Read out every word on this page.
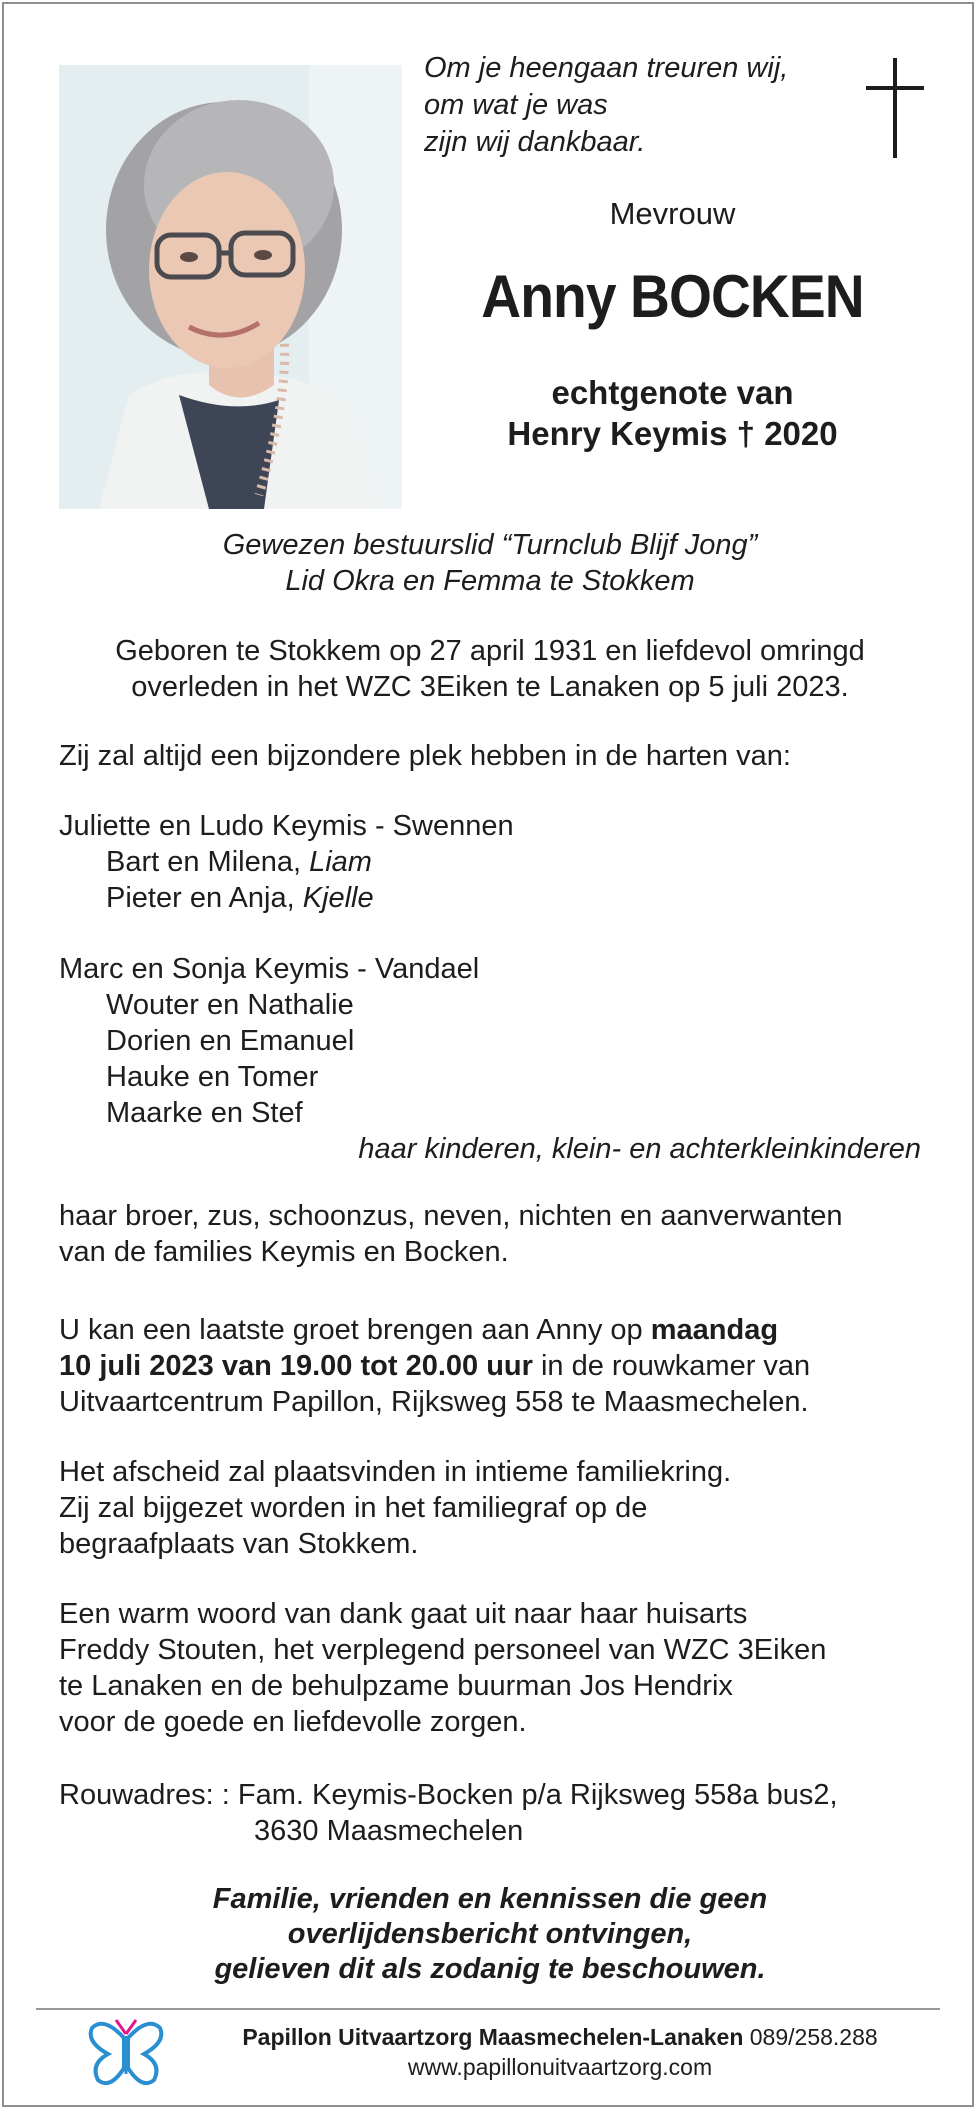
Om je heengaan treuren wij,
om wat je was
zijn wij dankbaar.
Mevrouw
Anny BOCKEN
echtgenote van
Henry Keymis † 2020
Gewezen bestuurslid “Turnclub Blijf Jong”
Lid Okra en Femma te Stokkem
Geboren te Stokkem op 27 april 1931 en liefdevol omringd
overleden in het WZC 3Eiken te Lanaken op 5 juli 2023.
Zij zal altijd een bijzondere plek hebben in de harten van:
Juliette en Ludo Keymis - Swennen
Bart en Milena, Liam
Pieter en Anja, Kjelle
Marc en Sonja Keymis - Vandael
Wouter en Nathalie
Dorien en Emanuel
Hauke en Tomer
Maarke en Stef
haar kinderen, klein- en achterkleinkinderen
haar broer, zus, schoonzus, neven, nichten en aanverwanten
van de families Keymis en Bocken.
U kan een laatste groet brengen aan Anny op maandag
10 juli 2023 van 19.00 tot 20.00 uur in de rouwkamer van
Uitvaartcentrum Papillon, Rijksweg 558 te Maasmechelen.
Het afscheid zal plaatsvinden in intieme familiekring.
Zij zal bijgezet worden in het familiegraf op de
begraafplaats van Stokkem.
Een warm woord van dank gaat uit naar haar huisarts
Freddy Stouten, het verplegend personeel van WZC 3Eiken
te Lanaken en de behulpzame buurman Jos Hendrix
voor de goede en liefdevolle zorgen.
Rouwadres: : Fam. Keymis-Bocken p/a Rijksweg 558a bus2,
3630 Maasmechelen
Familie, vrienden en kennissen die geen
overlijdensbericht ontvingen,
gelieven dit als zodanig te beschouwen.
Papillon Uitvaartzorg Maasmechelen-Lanaken 089/258.288
www.papillonuitvaartzorg.com
